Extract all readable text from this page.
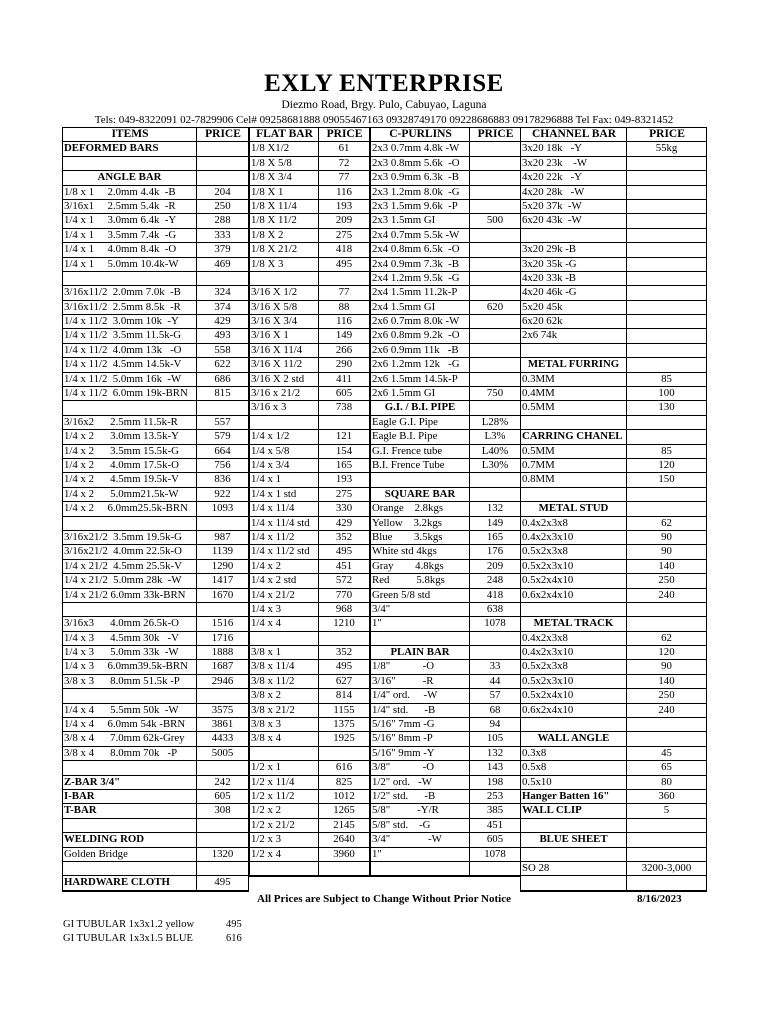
EXLY ENTERPRISE
Diezmo Road, Brgy. Pulo, Cabuyao, Laguna
Tels: 049-8322091 02-7829906 Cel# 09258681888 09055467163 09328749170 09228686883 09178296888 Tel Fax: 049-8321452
ITEMS	PRICE
DEFORMED BARS
ANGLE BAR
1/8 x 1     2.0mm 4.4k  -B	204
3/16x1     2.5mm 5.4k  -R	250
1/4 x 1     3.0mm 6.4k  -Y	288
1/4 x 1     3.5mm 7.4k  -G	333
1/4 x 1     4.0mm 8.4k  -O	379
1/4 x 1     5.0mm 10.4k-W	469
3/16x11/2  2.0mm 7.0k  -B	324
3/16x11/2  2.5mm 8.5k  -R	374
1/4 x 11/2  3.0mm 10k  -Y	429
1/4 x 11/2  3.5mm 11.5k-G	493
1/4 x 11/2  4.0mm 13k   -O	558
1/4 x 11/2  4.5mm 14.5k-V	622
1/4 x 11/2  5.0mm 16k  -W	686
1/4 x 11/2  6.0mm 19k-BRN	815
3/16x2      2.5mm 11.5k-R	557
1/4 x 2      3.0mm 13.5k-Y	579
1/4 x 2      3.5mm 15.5k-G	664
1/4 x 2      4.0mm 17.5k-O	756
1/4 x 2      4.5mm 19.5k-V	836
1/4 x 2      5.0mm21.5k-W	922
1/4 x 2     6.0mm25.5k-BRN	1093
3/16x21/2  3.5mm 19.5k-G	987
3/16x21/2  4.0mm 22.5k-O	1139
1/4 x 21/2  4.5mm 25.5k-V	1290
1/4 x 21/2  5.0mm 28k  -W	1417
1/4 x 21/2 6.0mm 33k-BRN	1670
3/16x3      4.0mm 26.5k-O	1516
1/4 x 3      4.5mm 30k   -V	1716
1/4 x 3      5.0mm 33k  -W	1888
1/4 x 3     6.0mm39.5k-BRN	1687
3/8 x 3      8.0mm 51.5k -P	2946
1/4 x 4      5.5mm 50k  -W	3575
1/4 x 4     6.0mm 54k -BRN	3861
3/8 x 4      7.0mm 62k-Grey	4433
3/8 x 4      8.0mm 70k   -P	5005
Z-BAR 3/4"	242
I-BAR	605
T-BAR	308
WELDING ROD
Golden Bridge	1320
HARDWARE CLOTH	495
FLAT BAR	PRICE
1/8 X1/2	61
1/8 X 5/8	72
1/8 X 3/4	77
1/8 X 1	116
1/8 X 11/4	193
1/8 X 11/2	209
1/8 X 2	275
1/8 X 21/2	418
1/8 X 3	495
3/16 X 1/2	77
3/16 X 5/8	88
3/16 X 3/4	116
3/16 X 1	149
3/16 X 11/4	266
3/16 X 11/2	290
3/16 X 2 std	411
3/16 x 21/2	605
3/16 x 3	738
1/4 x 1/2	121
1/4 x 5/8	154
1/4 x 3/4	165
1/4 x 1	193
1/4 x 1 std	275
1/4 x 11/4	330
1/4 x 11/4 std	429
1/4 x 11/2	352
1/4 x 11/2 std	495
1/4 x 2	451
1/4 x 2 std	572
1/4 x 21/2	770
1/4 x 3	968
1/4 x 4	1210
3/8 x 1	352
3/8 x 11/4	495
3/8 x 11/2	627
3/8 x 2	814
3/8 x 21/2	1155
3/8 x 3	1375
3/8 x 4	1925
1/2 x 1	616
1/2 x 11/4	825
1/2 x 11/2	1012
1/2 x 2	1265
1/2 x 21/2	2145
1/2 x 3	2640
1/2 x 4	3960
C-PURLINS	PRICE
2x3 0.7mm 4.8k -W
2x3 0.8mm 5.6k  -O
2x3 0.9mm 6.3k  -B
2x3 1.2mm 8.0k  -G
2x3 1.5mm 9.6k  -P
2x3 1.5mm GI	500
2x4 0.7mm 5.5k -W
2x4 0.8mm 6.5k  -O
2x4 0.9mm 7.3k  -B
2x4 1.2mm 9.5k  -G
2x4 1.5mm 11.2k-P
2x4 1.5mm GI	620
2x6 0.7mm 8.0k -W
2x6 0.8mm 9.2k  -O
2x6 0.9mm 11k   -B
2x6 1.2mm 12k   -G
2x6 1.5mm 14.5k-P
2x6 1.5mm GI	750
G.I. / B.I. PIPE
Eagle G.I. Pipe	L28%
Eagle B.I. Pipe	L3%
G.I. Frence tube	L40%
B.I. Frence Tube	L30%
SQUARE BAR
Orange    2.8kgs	132
Yellow    3.2kgs	149
Blue        3.5kgs	165
White std 4kgs	176
Gray        4.8kgs	209
Red          5.8kgs	248
Green 5/8 std	418
3/4"	638
1"	1078
PLAIN BAR
1/8"            -O	33
3/16"          -R	44
1/4" ord.     -W	57
1/4" std.      -B	68
5/16" 7mm -G	94
5/16" 8mm -P	105
5/16" 9mm -Y	132
3/8"            -O	143
1/2" ord.   -W	198
1/2" std.      -B	253
5/8"          -Y/R	385
5/8" std.    -G	451
3/4"              -W	605
1"	1078
CHANNEL BAR	PRICE
3x20 18k   -Y	55kg
3x20 23k    -W
4x20 22k   -Y
4x20 28k   -W
5x20 37k  -W
6x20 43k  -W
3x20 29k -B
3x20 35k -G
4x20 33k -B
4x20 46k -G
5x20 45k
6x20 62k
2x6 74k
METAL FURRING
0.3MM	85
0.4MM	100
0.5MM	130
CARRING CHANEL
0.5MM	85
0.7MM	120
0.8MM	150
METAL STUD
0.4x2x3x8	62
0.4x2x3x10	90
0.5x2x3x8	90
0.5x2x3x10	140
0.5x2x4x10	250
0.6x2x4x10	240
METAL TRACK
0.4x2x3x8	62
0.4x2x3x10	120
0.5x2x3x8	90
0.5x2x3x10	140
0.5x2x4x10	250
0.6x2x4x10	240
WALL ANGLE
0.3x8	45
0.5x8	65
0.5x10	80
Hanger Batten 16"	360
WALL CLIP	5
BLUE SHEET
SO 28	3200-3,000
All Prices are Subject to Change Without Prior Notice	8/16/2023
GI TUBULAR 1x3x1.2 yellow	495
GI TUBULAR 1x3x1.5 BLUE	616
